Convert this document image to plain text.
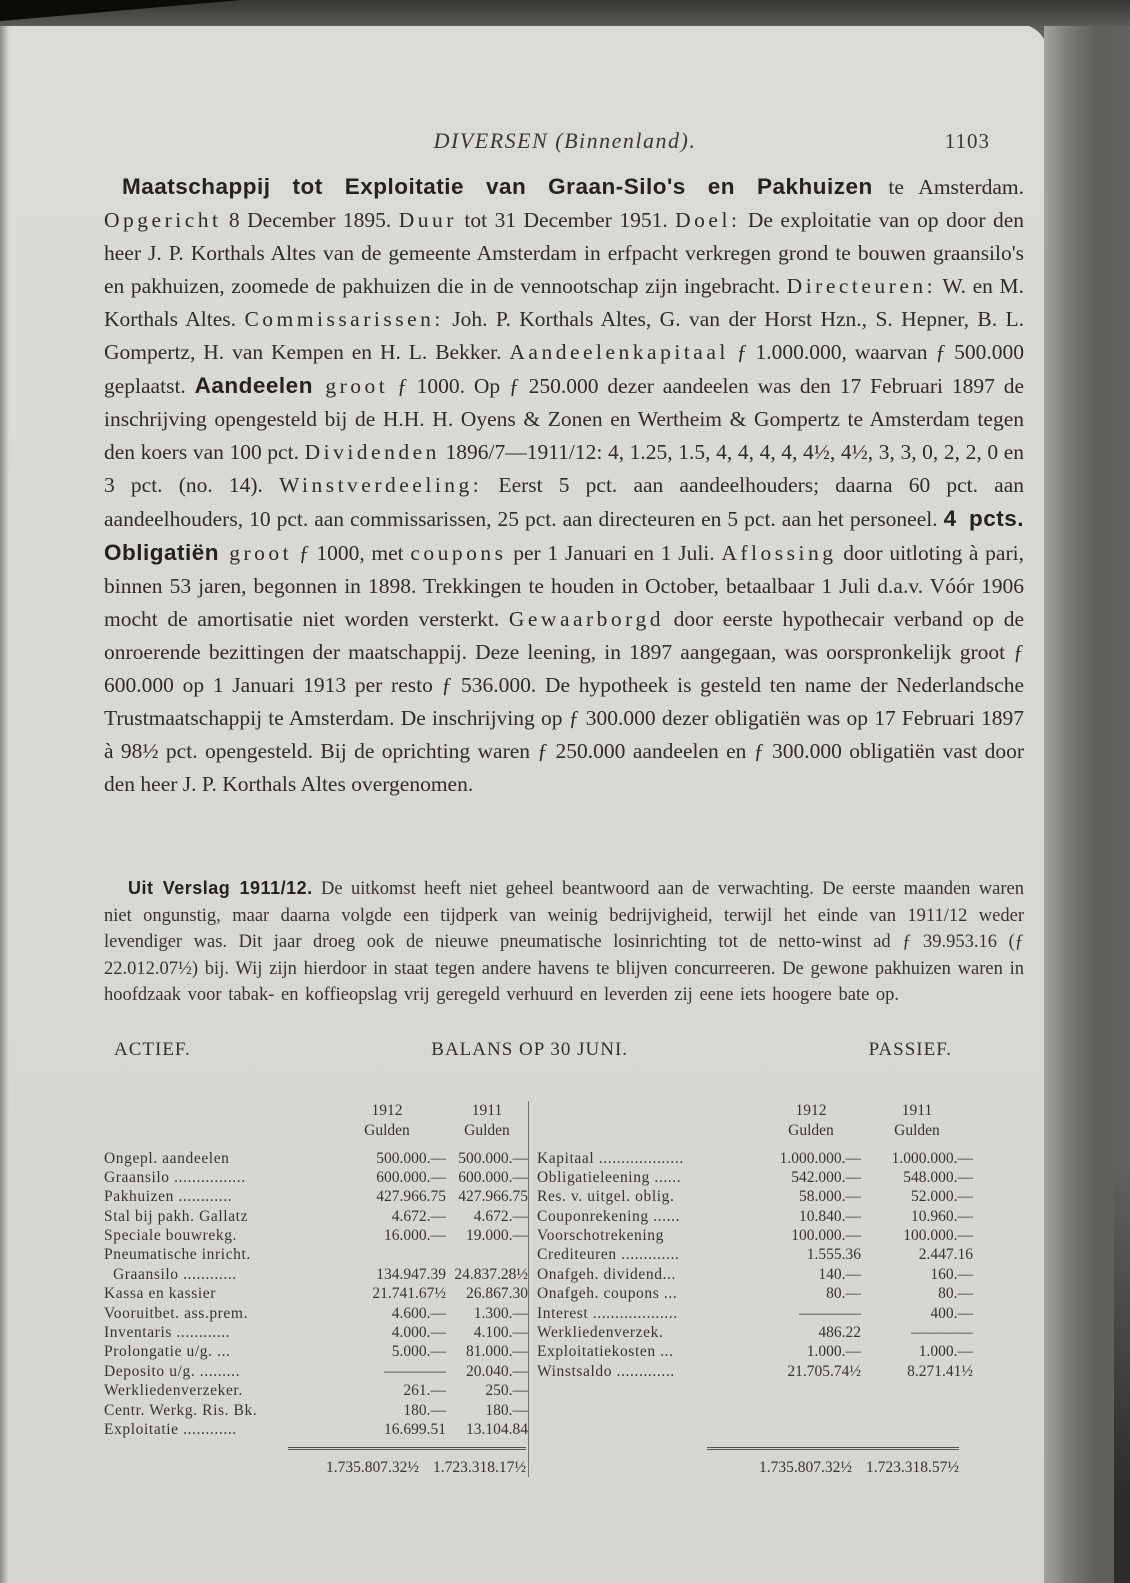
DIVERSEN (Binnenland).	1103

Maatschappij tot Exploitatie van Graan-Silo's en Pakhuizen te Amsterdam. Opgericht 8 December 1895. Duur tot 31 December 1951. Doel: De exploitatie van op door den heer J. P. Korthals Altes van de gemeente Amsterdam in erfpacht verkregen grond te bouwen graansilo's en pakhuizen, zoomede de pakhuizen die in de vennootschap zijn ingebracht. Directeuren: W. en M. Korthals Altes. Commissarissen: Joh. P. Korthals Altes, G. van der Horst Hzn., S. Hepner, B. L. Gompertz, H. van Kempen en H. L. Bekker. Aandeelenkapitaal ƒ 1.000.000, waarvan ƒ 500.000 geplaatst. Aandeelen groot ƒ 1000. Op ƒ 250.000 dezer aandeelen was den 17 Februari 1897 de inschrijving opengesteld bij de H.H. H. Oyens & Zonen en Wertheim & Gompertz te Amsterdam tegen den koers van 100 pct. Dividenden 1896/7—1911/12: 4, 1.25, 1.5, 4, 4, 4, 4, 4½, 4½, 3, 3, 0, 2, 2, 0 en 3 pct. (no. 14). Winstverdeeling: Eerst 5 pct. aan aandeelhouders; daarna 60 pct. aan aandeelhouders, 10 pct. aan commissarissen, 25 pct. aan directeuren en 5 pct. aan het personeel. 4 pcts. Obligatiën groot ƒ 1000, met coupons per 1 Januari en 1 Juli. Aflossing door uitloting à pari, binnen 53 jaren, begonnen in 1898. Trekkingen te houden in October, betaalbaar 1 Juli d.a.v. Vóór 1906 mocht de amortisatie niet worden versterkt. Gewaarborgd door eerste hypothecair verband op de onroerende bezittingen der maatschappij. Deze leening, in 1897 aangegaan, was oorspronkelijk groot ƒ 600.000 op 1 Januari 1913 per resto ƒ 536.000. De hypotheek is gesteld ten name der Nederlandsche Trustmaatschappij te Amsterdam. De inschrijving op ƒ 300.000 dezer obligatiën was op 17 Februari 1897 à 98½ pct. opengesteld. Bij de oprichting waren ƒ 250.000 aandeelen en ƒ 300.000 obligatiën vast door den heer J. P. Korthals Altes overgenomen.

Uit Verslag 1911/12. De uitkomst heeft niet geheel beantwoord aan de verwachting. De eerste maanden waren niet ongunstig, maar daarna volgde een tijdperk van weinig bedrijvigheid, terwijl het einde van 1911/12 weder levendiger was. Dit jaar droeg ook de nieuwe pneumatische losinrichting tot de netto-winst ad ƒ 39.953.16 (ƒ 22.012.07½) bij. Wij zijn hierdoor in staat tegen andere havens te blijven concurreeren. De gewone pakhuizen waren in hoofdzaak voor tabak- en koffieopslag vrij geregeld verhuurd en leverden zij eene iets hoogere bate op.

ACTIEF.	BALANS OP 30 JUNI.	PASSIEF.
1912
Gulden
1911
Gulden
Ongepl. aandeelen	500.000.— 500.000.—
Graansilo ................	600.000.— 600.000.—
Pakhuizen ............	427.966.75 427.966.75
Stal bij pakh. Gallatz	4.672.—	4.672.—
Speciale bouwrekg.	16.000.—	19.000.—
Pneumatische inricht.
Graansilo ............	134.947.39 24.837.28½
Kassa en kassier	21.741.67½	26.867.30
Vooruitbet. ass.prem.	4.600.—	1.300.—
Inventaris ............	4.000.—	4.100.—
Prolongatie u/g. ...	5.000.—	81.000.—
Deposito u/g. .........	————	20.040.—
Werkliedenverzeker.	261.—	250.—
Centr. Werkg. Ris. Bk.	180.—	180.—
Exploitatie ............	16.699.51	13.104.84
1.735.807.32½ 1.723.318.17½
1912
Gulden
1911
Gulden
Kapitaal ...................	1.000.000.—	1.000.000.—
Obligatieleening ......	542.000.—	548.000.—
Res. v. uitgel. oblig.	58.000.—	52.000.—
Couponrekening ......	10.840.—	10.960.—
Voorschotrekening	100.000.—	100.000.—
Crediteuren .............	1.555.36	2.447.16
Onafgeh. dividend...	140.—	160.—
Onafgeh. coupons ...	80.—	80.—
Interest ...................	————	400.—
Werkliedenverzek.	486.22	————
Exploitatiekosten ...	1.000.—	1.000.—
Winstsaldo .............	21.705.74½	8.271.41½
1.735.807.32½ 1.723.318.57½
